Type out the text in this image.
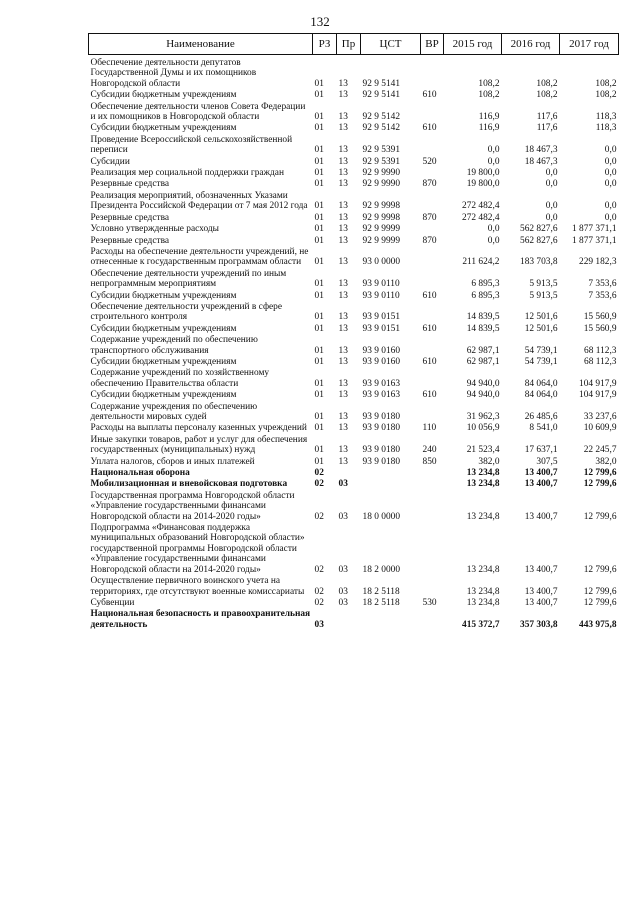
132
Наименование	РЗ	Пр	ЦСТ	ВР	2015 год	2016 год	2017 год
Обеспечение деятельности депутатов Государственной Думы и их помощников Новгородской области	01	13	92 9 5141		108,2	108,2	108,2
Субсидии бюджетным учреждениям	01	13	92 9 5141	610	108,2	108,2	108,2
Обеспечение деятельности членов Совета Федерации и их помощников в Новгородской области	01	13	92 9 5142		116,9	117,6	118,3
Субсидии бюджетным учреждениям	01	13	92 9 5142	610	116,9	117,6	118,3
Проведение Всероссийской сельскохозяйственной переписи	01	13	92 9 5391		0,0	18 467,3	0,0
Субсидии	01	13	92 9 5391	520	0,0	18 467,3	0,0
Реализация мер социальной поддержки граждан	01	13	92 9 9990		19 800,0	0,0	0,0
Резервные средства	01	13	92 9 9990	870	19 800,0	0,0	0,0
Реализация мероприятий, обозначенных Указами Президента Российской Федерации от 7 мая 2012 года	01	13	92 9 9998		272 482,4	0,0	0,0
Резервные средства	01	13	92 9 9998	870	272 482,4	0,0	0,0
Условно утвержденные расходы	01	13	92 9 9999		0,0	562 827,6	1 877 371,1
Резервные средства	01	13	92 9 9999	870	0,0	562 827,6	1 877 371,1
Расходы на обеспечение деятельности учреждений, не отнесенные к государственным программам области	01	13	93 0 0000		211 624,2	183 703,8	229 182,3
Обеспечение деятельности учреждений по иным непрограммным мероприятиям	01	13	93 9 0110		6 895,3	5 913,5	7 353,6
Субсидии бюджетным учреждениям	01	13	93 9 0110	610	6 895,3	5 913,5	7 353,6
Обеспечение деятельности учреждений в сфере строительного контроля	01	13	93 9 0151		14 839,5	12 501,6	15 560,9
Субсидии бюджетным учреждениям	01	13	93 9 0151	610	14 839,5	12 501,6	15 560,9
Содержание учреждений по обеспечению транспортного обслуживания	01	13	93 9 0160		62 987,1	54 739,1	68 112,3
Субсидии бюджетным учреждениям	01	13	93 9 0160	610	62 987,1	54 739,1	68 112,3
Содержание учреждений по хозяйственному обеспечению Правительства области	01	13	93 9 0163		94 940,0	84 064,0	104 917,9
Субсидии бюджетным учреждениям	01	13	93 9 0163	610	94 940,0	84 064,0	104 917,9
Содержание учреждения по обеспечению деятельности мировых судей	01	13	93 9 0180		31 962,3	26 485,6	33 237,6
Расходы на выплаты персоналу казенных учреждений	01	13	93 9 0180	110	10 056,9	8 541,0	10 609,9
Иные закупки товаров, работ и услуг для обеспечения государственных (муниципальных) нужд	01	13	93 9 0180	240	21 523,4	17 637,1	22 245,7
Уплата налогов, сборов и иных платежей	01	13	93 9 0180	850	382,0	307,5	382,0
Национальная оборона	02				13 234,8	13 400,7	12 799,6
Мобилизационная и вневойсковая подготовка	02	03			13 234,8	13 400,7	12 799,6
Государственная программа Новгородской области «Управление государственными финансами Новгородской области на 2014-2020 годы»	02	03	18 0 0000		13 234,8	13 400,7	12 799,6
Подпрограмма «Финансовая поддержка муниципальных образований Новгородской области» государственной программы Новгородской области «Управление государственными финансами Новгородской области на 2014-2020 годы»	02	03	18 2 0000		13 234,8	13 400,7	12 799,6
Осуществление первичного воинского учета на территориях, где отсутствуют военные комиссариаты	02	03	18 2 5118		13 234,8	13 400,7	12 799,6
Субвенции	02	03	18 2 5118	530	13 234,8	13 400,7	12 799,6
Национальная безопасность и правоохранительная деятельность	03				415 372,7	357 303,8	443 975,8
